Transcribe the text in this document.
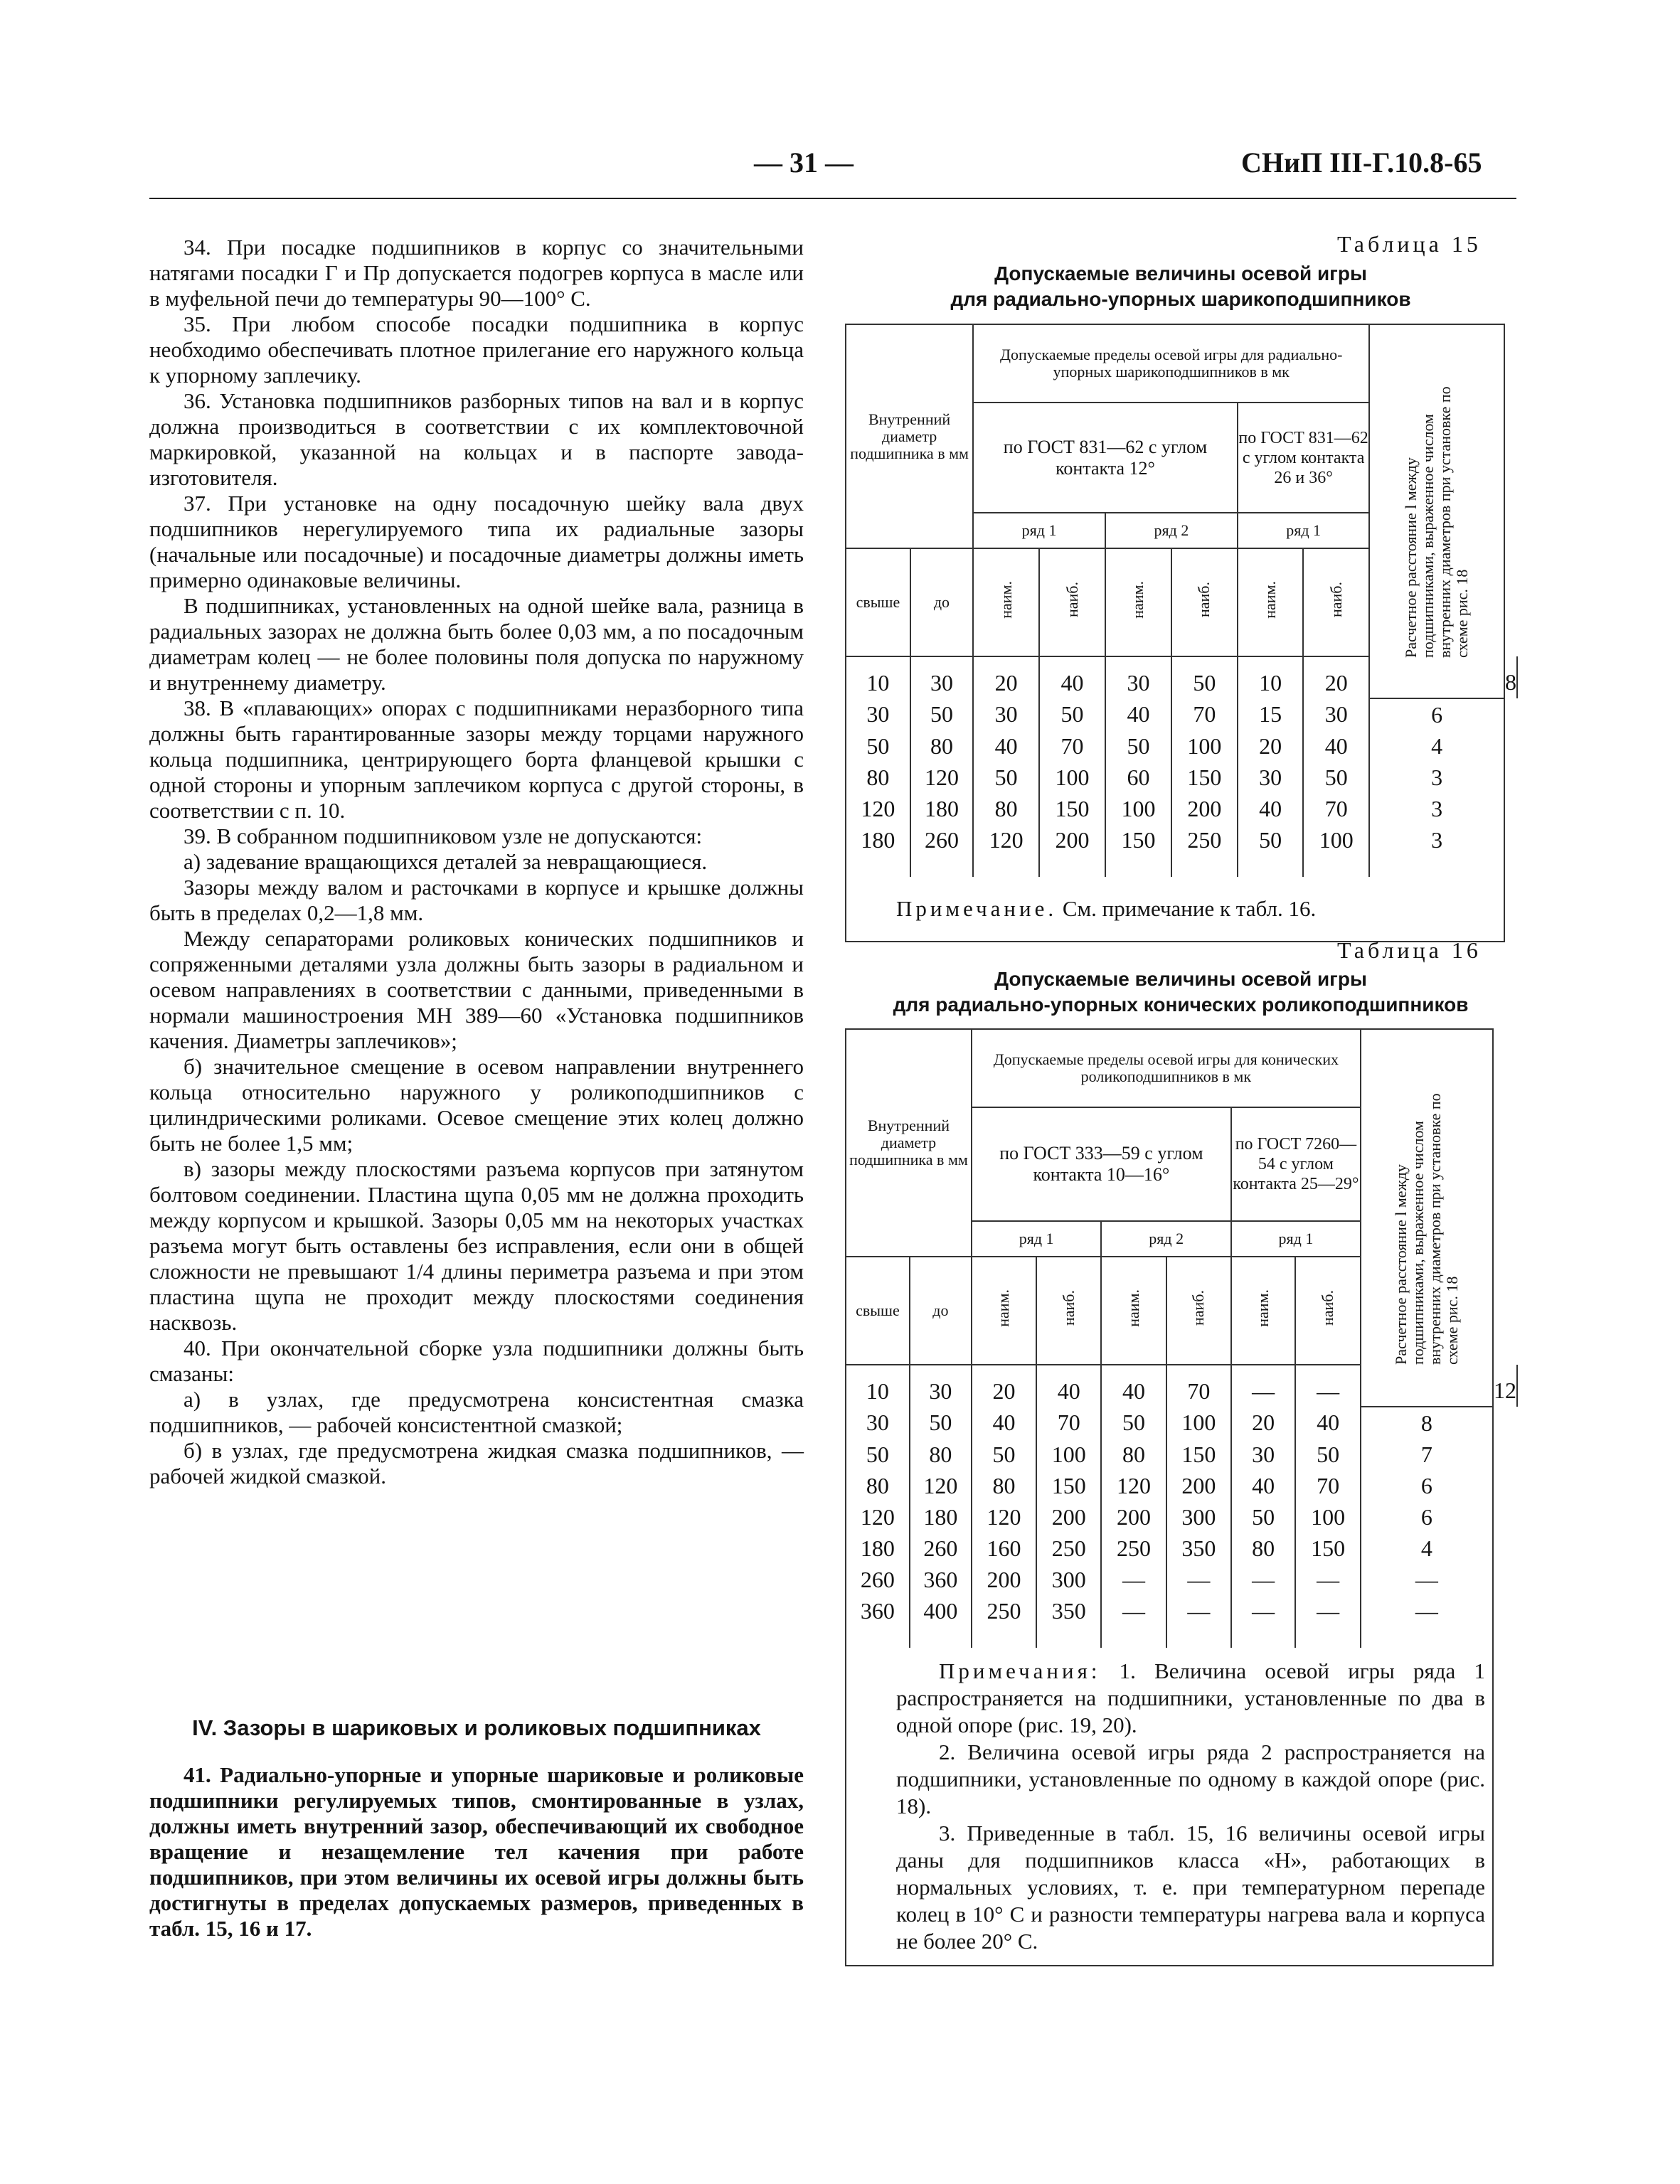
— 31 —	СНиП III-Г.10.8-65

34. При посадке подшипников в корпус со значительными натягами посадки Г и Пр допускается подогрев корпуса в масле или в муфельной печи до температуры 90—100° С.

35. При любом способе посадки подшипника в корпус необходимо обеспечивать плотное прилегание его наружного кольца к упорному заплечику.

36. Установка подшипников разборных типов на вал и в корпус должна производиться в соответствии с их комплектовочной маркировкой, указанной на кольцах и в паспорте завода-изготовителя.

37. При установке на одну посадочную шейку вала двух подшипников нерегулируемого типа их радиальные зазоры (начальные или посадочные) и посадочные диаметры должны иметь примерно одинаковые величины.

В подшипниках, установленных на одной шейке вала, разница в радиальных зазорах не должна быть более 0,03 мм, а по посадочным диаметрам колец — не более половины поля допуска по наружному и внутреннему диаметру.

38. В «плавающих» опорах с подшипниками неразборного типа должны быть гарантированные зазоры между торцами наружного кольца подшипника, центрирующего борта фланцевой крышки с одной стороны и упорным заплечиком корпуса с другой стороны, в соответствии с п. 10.

39. В собранном подшипниковом узле не допускаются:

а) задевание вращающихся деталей за невращающиеся.

Зазоры между валом и расточками в корпусе и крышке должны быть в пределах 0,2—1,8 мм.

Между сепараторами роликовых конических подшипников и сопряженными деталями узла должны быть зазоры в радиальном и осевом направлениях в соответствии с данными, приведенными в нормали машиностроения МН 389—60 «Установка подшипников качения. Диаметры заплечиков»;

б) значительное смещение в осевом направлении внутреннего кольца относительно наружного у роликоподшипников с цилиндрическими роликами. Осевое смещение этих колец должно быть не более 1,5 мм;

в) зазоры между плоскостями разъема корпусов при затянутом болтовом соединении. Пластина щупа 0,05 мм не должна проходить между корпусом и крышкой. Зазоры 0,05 мм на некоторых участках разъема могут быть оставлены без исправления, если они в общей сложности не превышают 1/4 длины периметра разъема и при этом пластина щупа не проходит между плоскостями соединения насквозь.

40. При окончательной сборке узла подшипники должны быть смазаны:

а) в узлах, где предусмотрена консистентная смазка подшипников, — рабочей консистентной смазкой;

б) в узлах, где предусмотрена жидкая смазка подшипников, — рабочей жидкой смазкой.

IV. Зазоры в шариковых и роликовых подшипниках

41. Радиально-упорные и упорные шариковые и роликовые подшипники регулируемых типов, смонтированные в узлах, должны иметь внутренний зазор, обеспечивающий их свободное вращение и незащемление тел качения при работе подшипников, при этом величины их осевой игры должны быть достигнуты в пределах допускаемых размеров, приведенных в табл. 15, 16 и 17.

Таблица 15
Допускаемые величины осевой игры
для радиально-упорных шарикоподшипников
Внутренний диаметр подшипника в мм		Допускаемые пределы осевой игры для радиально-упорных шарикоподшипников в мк						Расчетное расстояние l между подшипниками, выраженное числом внутренних диаметров при установке по схеме рис. 18	
		по ГОСТ 831—62 с углом контакта 12°				по ГОСТ 831—62 с углом контакта 26 и 36°			
		ряд 1		ряд 2		ряд 1			
свыше	до	наим.	наиб.	наим.	наиб.	наим.	наиб.		
10	30	20	40	30	50	10	20		8
30	50	30	50	40	70	15	30	6	
50	80	40	70	50	100	20	40	4	
80	120	50	100	60	150	30	50	3	
120	180	80	150	100	200	40	70	3	
180	260	120	200	150	250	50	100	3	
Примечание. См. примечание к табл. 16.									
Таблица 16
Допускаемые величины осевой игры
для радиально-упорных конических роликоподшипников
Внутренний диаметр подшипника в мм		Допускаемые пределы осевой игры для конических роликоподшипников в мк						Расчетное расстояние l между подшипниками, выраженное числом внутренних диаметров при установке по схеме рис. 18	
		по ГОСТ 333—59 с углом контакта 10—16°				по ГОСТ 7260—54 с углом контакта 25—29°			
		ряд 1		ряд 2		ряд 1			
свыше	до	наим.	наиб.	наим.	наиб.	наим.	наиб.		
10	30	20	40	40	70	—	—		12
30	50	40	70	50	100	20	40	8	
50	80	50	100	80	150	30	50	7	
80	120	80	150	120	200	40	70	6	
120	180	120	200	200	300	50	100	6	
180	260	160	250	250	350	80	150	4	
260	360	200	300	—	—	—	—	—	
360	400	250	350	—	—	—	—	—	

Примечания: 1. Величина осевой игры ряда 1 распространяется на подшипники, установленные по два в одной опоре (рис. 19, 20).

2. Величина осевой игры ряда 2 распространяется на подшипники, установленные по одному в каждой опоре (рис. 18).

3. Приведенные в табл. 15, 16 величины осевой игры даны для подшипников класса «Н», работающих в нормальных условиях, т. е. при температурном перепаде колец в 10° С и разности температуры нагрева вала и корпуса не более 20° С.									
